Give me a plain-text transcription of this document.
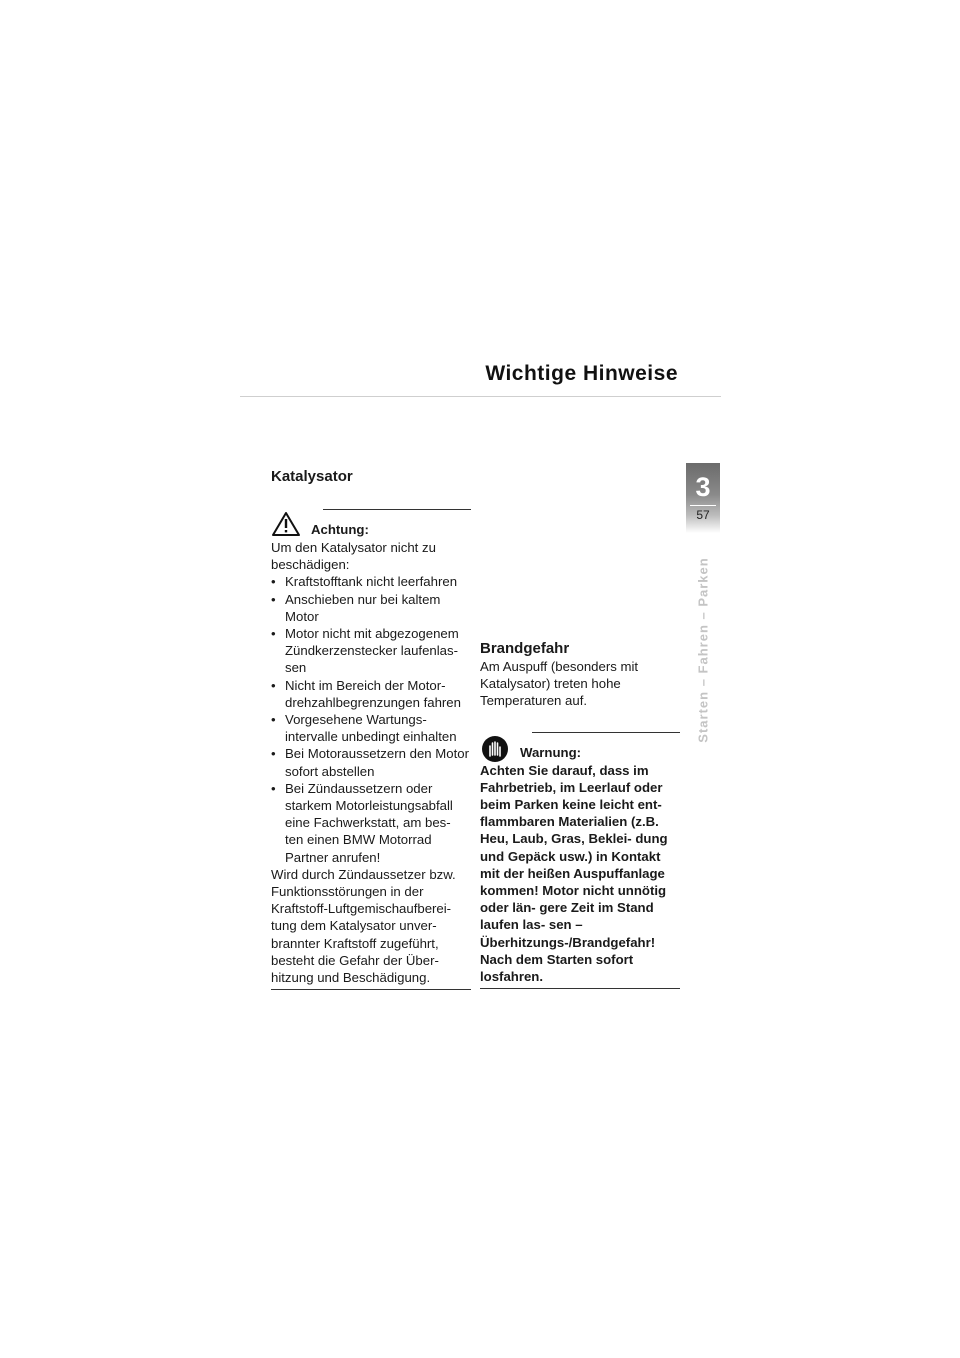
Wichtige Hinweise
3
57
Starten – Fahren – Parken
Katalysator
Achtung:

Um den Katalysator nicht zu beschädigen:

• Kraftstofftank nicht leerfahren
• Anschieben nur bei kaltem Motor
• Motor nicht mit abgezogenem Zündkerzenstecker laufenlas- sen
• Nicht im Bereich der Motor- drehzahlbegrenzungen fahren
• Vorgesehene Wartungs- intervalle unbedingt einhalten
• Bei Motoraussetzern den Motor sofort abstellen
• Bei Zündaussetzern oder starkem Motorleistungsabfall eine Fachwerkstatt, am bes- ten einen BMW Motorrad Partner anrufen!

Wird durch Zündaussetzer bzw. Funktionsstörungen in der Kraftstoff-Luftgemischaufberei- tung dem Katalysator unver- brannter Kraftstoff zugeführt, besteht die Gefahr der Über- hitzung und Beschädigung.

Brandgefahr

Am Auspuff (besonders mit Katalysator) treten hohe Temperaturen auf.

Warnung:

Achten Sie darauf, dass im Fahrbetrieb, im Leerlauf oder beim Parken keine leicht ent- flammbaren Materialien (z.B. Heu, Laub, Gras, Beklei- dung und Gepäck usw.) in Kontakt mit der heißen Auspuffanlage kommen! Motor nicht unnötig oder län- gere Zeit im Stand laufen las- sen – Überhitzungs-/Brandgefahr! Nach dem Starten sofort losfahren.
